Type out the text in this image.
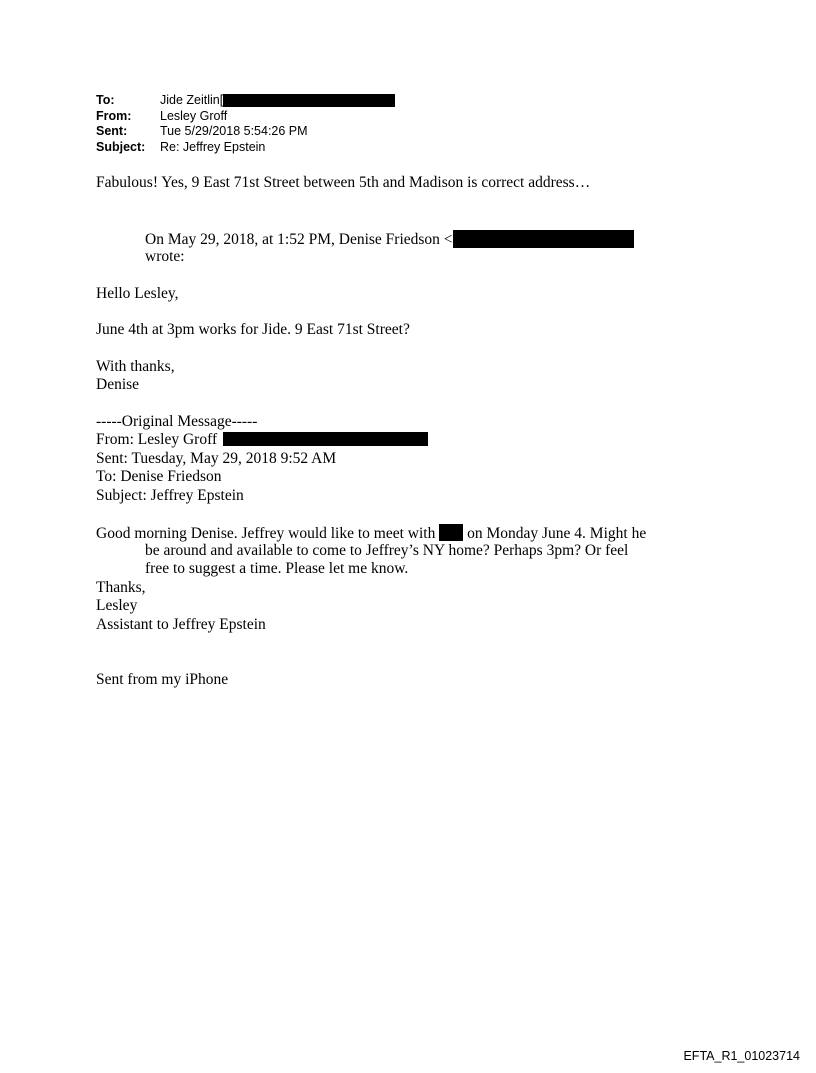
To:	Jide Zeitlin[
From:	Lesley Groff
Sent:	Tue 5/29/2018 5:54:26 PM
Subject:	Re: Jeffrey Epstein
Fabulous! Yes, 9 East 71st Street between 5th and Madison is correct address…
On May 29, 2018, at 1:52 PM, Denise Friedson <
wrote:
Hello Lesley,
June 4th at 3pm works for Jide. 9 East 71st Street?
With thanks,
Denise
-----Original Message-----
From: Lesley Groff
Sent: Tuesday, May 29, 2018 9:52 AM
To: Denise Friedson
Subject: Jeffrey Epstein
Good morning Denise. Jeffrey would like to meet with on Monday June 4. Might he
be around and available to come to Jeffrey’s NY home? Perhaps 3pm? Or feel
free to suggest a time. Please let me know.
Thanks,
Lesley
Assistant to Jeffrey Epstein
Sent from my iPhone
EFTA_R1_01023714
